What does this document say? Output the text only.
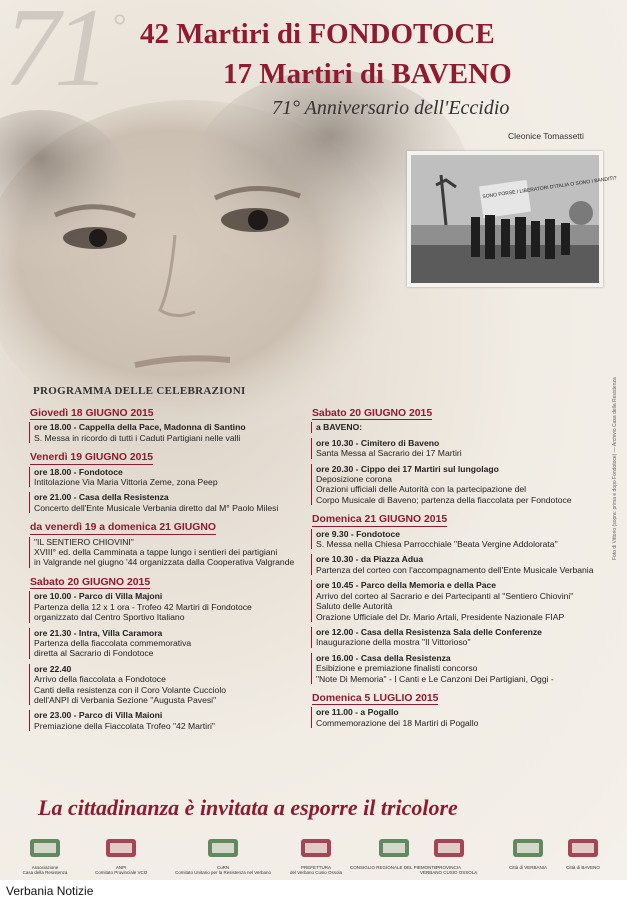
71 ° 42 Martiri di FONDOTOCE
17 Martiri di BAVENO
71° Anniversario dell'Eccidio
Cleonice Tomassetti
SONO FORSE I LIBERATORI D'ITALIA O SONO I BANDITI?
Foto di Vittorio (sopra: prima e dopo Fondotoce) — Archivio Casa della Resistenza
PROGRAMMA DELLE CELEBRAZIONI
Giovedì 18 GIUGNO 2015
ore 18.00 - Cappella della Pace, Madonna di Santino
S. Messa in ricordo di tutti i Caduti Partigiani nelle valli
Venerdì 19 GIUGNO 2015
ore 18.00 - Fondotoce
Intitolazione Via Maria Vittoria Zeme, zona Peep
ore 21.00 - Casa della Resistenza
Concerto dell'Ente Musicale Verbania diretto dal M° Paolo Milesi
da venerdì 19 a domenica 21 GIUGNO
"IL SENTIERO CHIOVINI"
XVIII° ed. della Camminata a tappe lungo i sentieri dei partigiani
in Valgrande nel giugno '44 organizzata dalla Cooperativa Valgrande
Sabato 20 GIUGNO 2015
ore 10.00 - Parco di Villa Majoni
Partenza della 12 x 1 ora - Trofeo 42 Martiri di Fondotoce
organizzato dal Centro Sportivo Italiano
ore 21.30 - Intra, Villa Caramora
Partenza della fiaccolata commemorativa
diretta al Sacrario di Fondotoce
ore 22.40
Arrivo della fiaccolata a Fondotoce
Canti della resistenza con il Coro Volante Cucciolo
dell'ANPI di Verbania Sezione "Augusta Pavesi"
ore 23.00 - Parco di Villa Maioni
Premiazione della Fiaccolata Trofeo "42 Martiri"
Sabato 20 GIUGNO 2015
a BAVENO:
ore 10.30 - Cimitero di Baveno
Santa Messa al Sacrario dei 17 Martiri
ore 20.30 - Cippo dei 17 Martiri sul lungolago
Deposizione corona
Orazioni ufficiali delle Autorità con la partecipazione del
Corpo Musicale di Baveno; partenza della fiaccolata per Fondotoce
Domenica 21 GIUGNO 2015
ore 9.30 - Fondotoce
S. Messa nella Chiesa Parrocchiale "Beata Vergine Addolorata"
ore 10.30 - da Piazza Adua
Partenza del corteo con l'accompagnamento dell'Ente Musicale Verbania
ore 10.45 - Parco della Memoria e della Pace
Arrivo del corteo al Sacrario e dei Partecipanti al "Sentiero Chiovini"
Saluto delle Autorità
Orazione Ufficiale del Dr. Mario Artali, Presidente Nazionale FIAP
ore 12.00 - Casa della Resistenza Sala delle Conferenze
Inaugurazione della mostra "Il Vittorioso"
ore 16.00 - Casa della Resistenza
Esibizione e premiazione finalisti concorso
"Note Di Memoria" - I Canti e Le Canzoni Dei Partigiani, Oggi -
Domenica 5 LUGLIO 2015
ore 11.00 - a Pogallo
Commemorazione dei 18 Martiri di Pogallo
La cittadinanza è invitata a esporre il tricolore
Associazione
Casa della Resistenza
ANPI
Comitato Provinciale VCO
CuRN
Comitato Unitario per la Resistenza nel Verbano
PREFETTURA
del Verbano Cusio Ossola
CONSIGLIO REGIONALE DEL PIEMONTE PROVINCIA
VERBANO CUSIO OSSOLA
Città di VERBANIA	Città di BAVENO
Verbania Notizie
